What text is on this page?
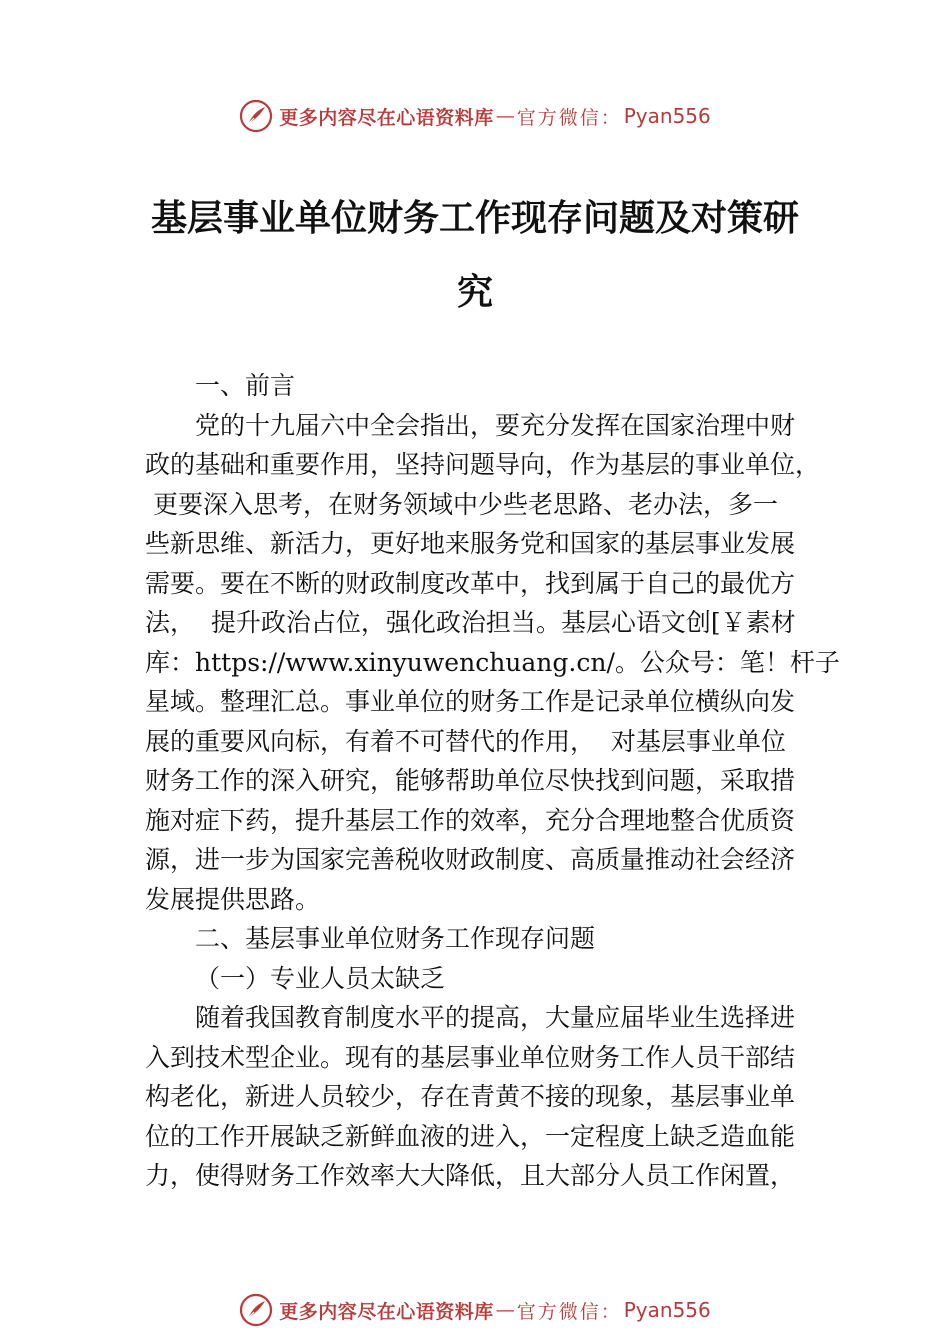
更多内容尽在心语资料库 — 官方微信： Pyan556
基层事业单位财务工作现存问题及对策研
究
一、前言
党的十九届六中全会指出，要充分发挥在国家治理中财
政的基础和重要作用，坚持问题导向，作为基层的事业单位，
更要深入思考，在财务领域中少些老思路、老办法，多一
些新思维、新活力，更好地来服务党和国家的基层事业发展
需要。要在不断的财政制度改革中，找到属于自己的最优方
法，  提升政治占位，强化政治担当。基层心语文创[￥素材
库：https://www.xinyuwenchuang.cn/。公众号：笔！杆子
星域。整理汇总。事业单位的财务工作是记录单位横纵向发
展的重要风向标，有着不可替代的作用，  对基层事业单位
财务工作的深入研究，能够帮助单位尽快找到问题，采取措
施对症下药，提升基层工作的效率，充分合理地整合优质资
源，进一步为国家完善税收财政制度、高质量推动社会经济
发展提供思路。
二、基层事业单位财务工作现存问题
（一）专业人员太缺乏
随着我国教育制度水平的提高，大量应届毕业生选择进
入到技术型企业。现有的基层事业单位财务工作人员干部结
构老化，新进人员较少，存在青黄不接的现象，基层事业单
位的工作开展缺乏新鲜血液的进入，一定程度上缺乏造血能
力，使得财务工作效率大大降低，且大部分人员工作闲置，
更多内容尽在心语资料库 — 官方微信： Pyan556
